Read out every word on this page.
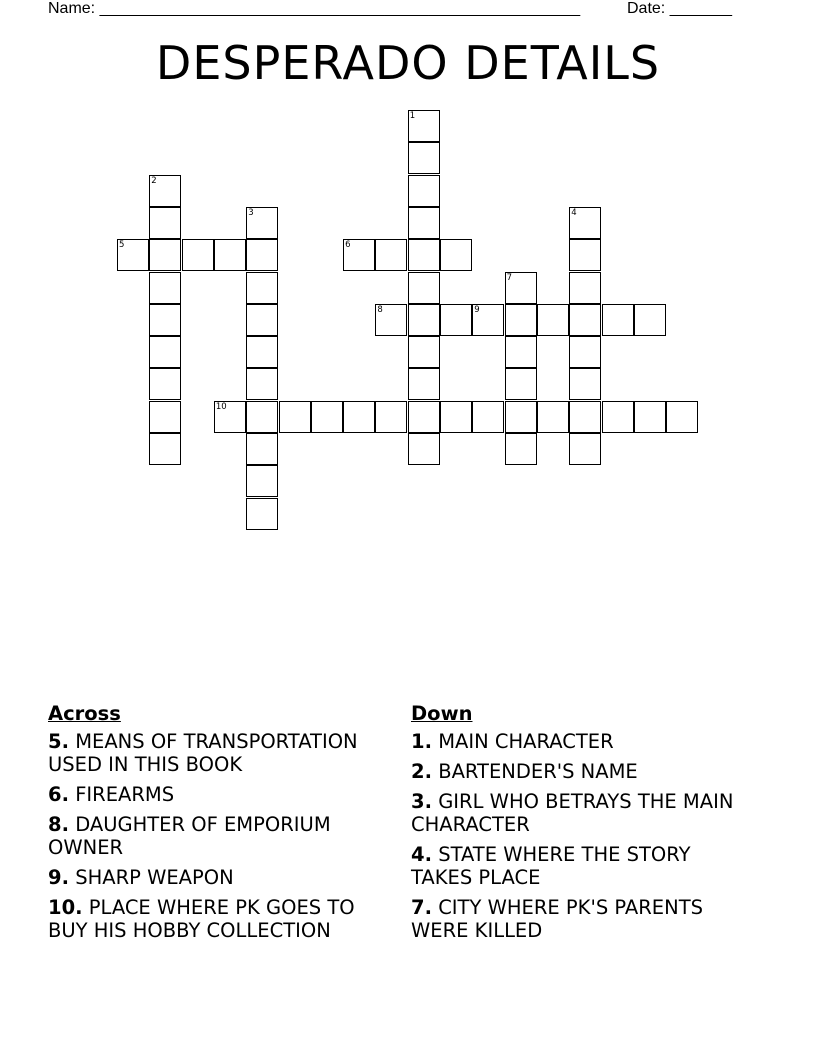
Name: ______________________________________________________	Date: _______
DESPERADO DETAILS
1
2
3	4
5	6
7
8	9
10
Across
5. MEANS OF TRANSPORTATION USED IN THIS BOOK
6. FIREARMS
8. DAUGHTER OF EMPORIUM OWNER
9. SHARP WEAPON
10. PLACE WHERE PK GOES TO BUY HIS HOBBY COLLECTION
Down
1. MAIN CHARACTER
2. BARTENDER'S NAME
3. GIRL WHO BETRAYS THE MAIN CHARACTER
4. STATE WHERE THE STORY TAKES PLACE
7. CITY WHERE PK'S PARENTS WERE KILLED
